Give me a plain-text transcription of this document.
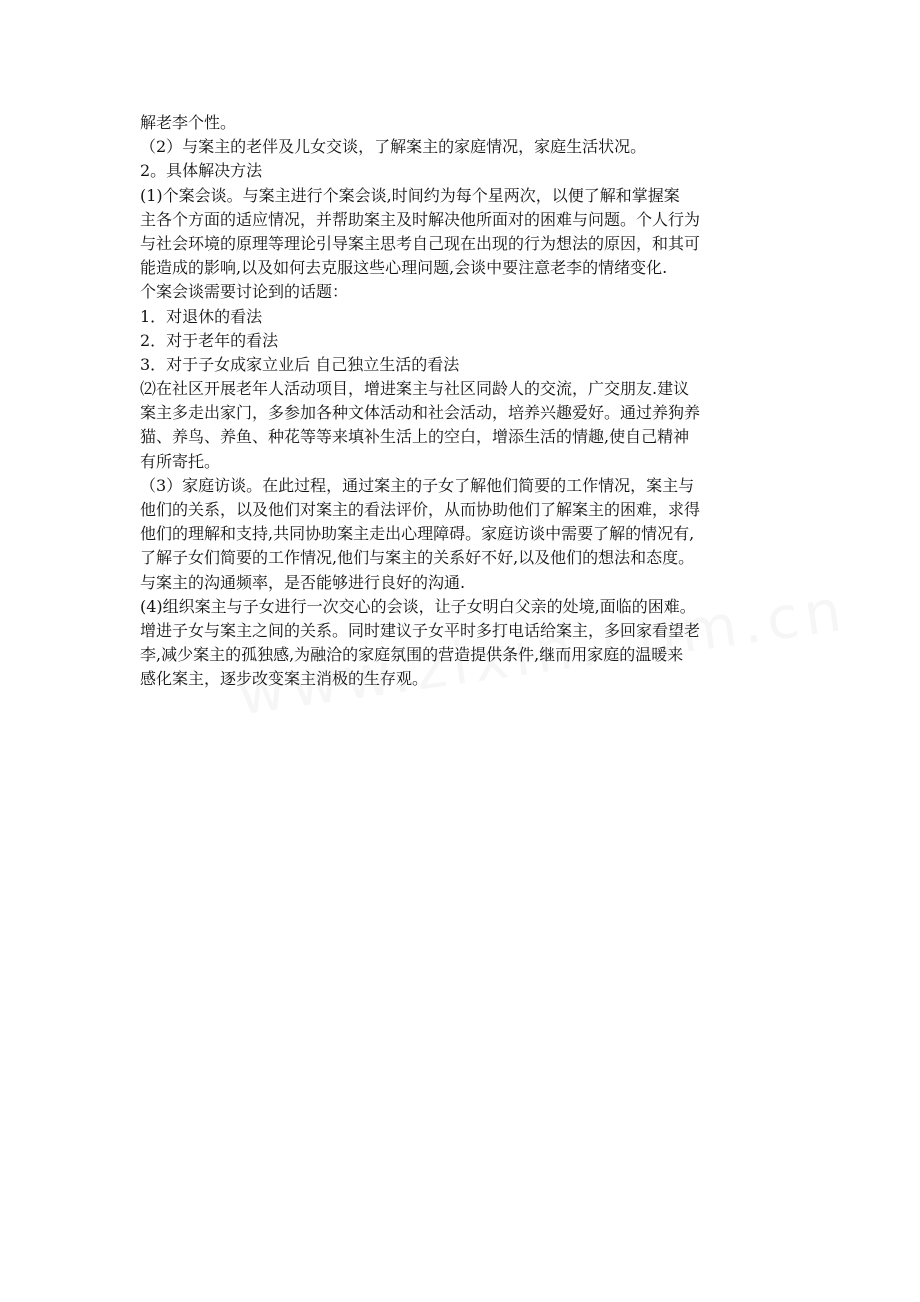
解老李个性。
（2）与案主的老伴及儿女交谈，了解案主的家庭情况，家庭生活状况。
2。具体解决方法
(1)个案会谈。与案主进行个案会谈,时间约为每个星两次，以便了解和掌握案
主各个方面的适应情况，并帮助案主及时解决他所面对的困难与问题。个人行为
与社会环境的原理等理论引导案主思考自己现在出现的行为想法的原因，和其可
能造成的影响,以及如何去克服这些心理问题,会谈中要注意老李的情绪变化.
个案会谈需要讨论到的话题：
1．对退休的看法
2．对于老年的看法
3．对于子女成家立业后 自己独立生活的看法
⑵在社区开展老年人活动项目，增进案主与社区同龄人的交流，广交朋友.建议
案主多走出家门，多参加各种文体活动和社会活动，培养兴趣爱好。通过养狗养
猫、养鸟、养鱼、种花等等来填补生活上的空白，增添生活的情趣,使自己精神
有所寄托。
（3）家庭访谈。在此过程，通过案主的子女了解他们简要的工作情况，案主与
他们的关系，以及他们对案主的看法评价，从而协助他们了解案主的困难，求得
他们的理解和支持,共同协助案主走出心理障碍。家庭访谈中需要了解的情况有,
了解子女们简要的工作情况,他们与案主的关系好不好,以及他们的想法和态度。
与案主的沟通频率，是否能够进行良好的沟通.
(4)组织案主与子女进行一次交心的会谈，让子女明白父亲的处境,面临的困难。
增进子女与案主之间的关系。同时建议子女平时多打电话给案主，多回家看望老
李,减少案主的孤独感,为融洽的家庭氛围的营造提供条件,继而用家庭的温暖来
感化案主，逐步改变案主消极的生存观。
